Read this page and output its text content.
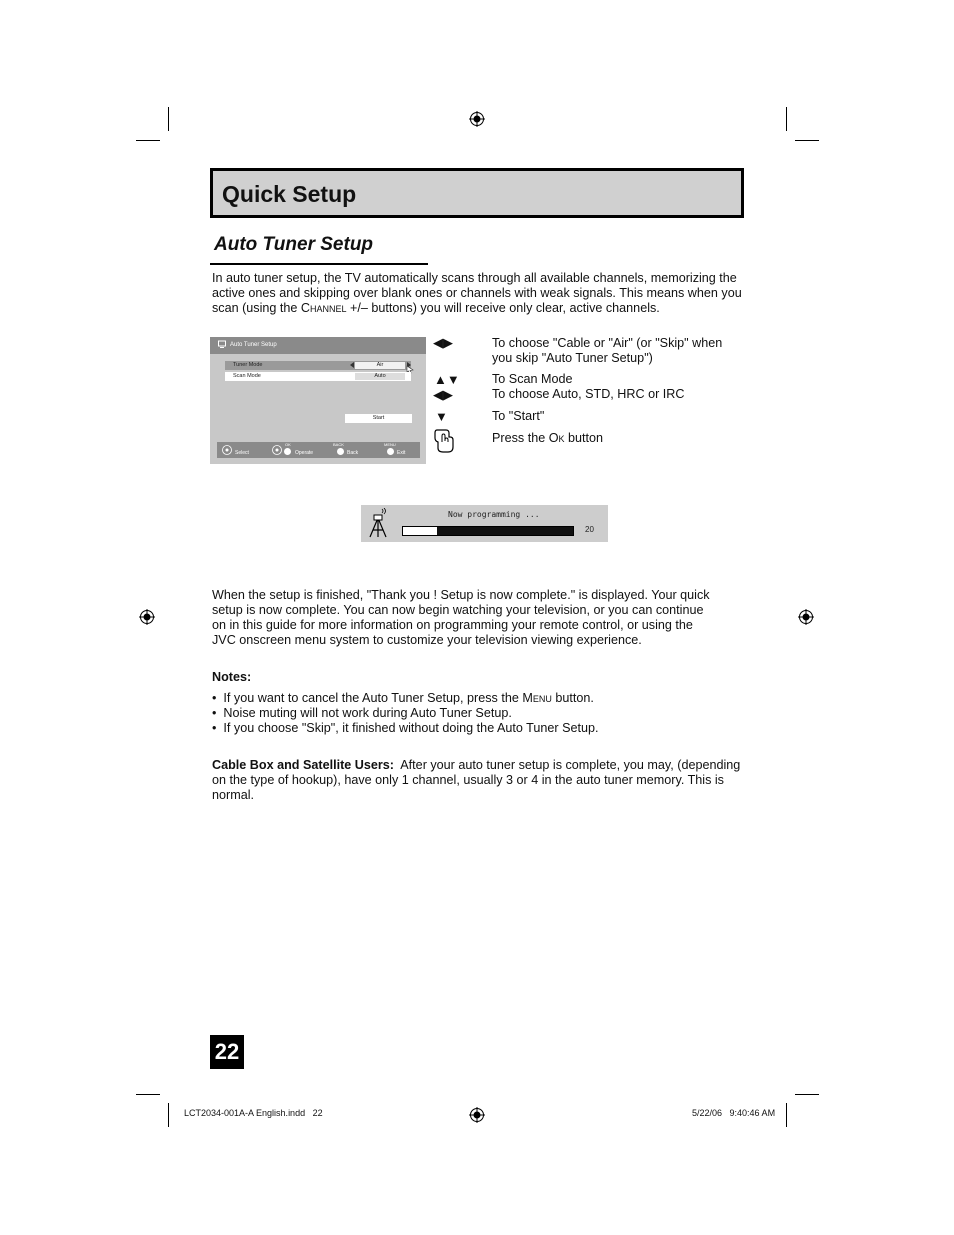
Quick Setup
Auto Tuner Setup
In auto tuner setup, the TV automatically scans through all available channels, memorizing the active ones and skipping over blank ones or channels with weak signals. This means when you scan (using the Channel +/– buttons) you will receive only clear, active channels.
Auto Tuner Setup
Tuner Mode	Air
Scan Mode	Auto
Start
Select
OK
Operate
BACK
Back
MENU
Exit
◀▶	To choose "Cable or "Air" (or "Skip" when
you skip "Auto Tuner Setup")
▲▼	To Scan Mode
◀▶	To choose Auto, STD, HRC or IRC
▼	To "Start"
Press the Ok button
Now programming ...
20
When the setup is finished, "Thank you ! Setup is now complete." is displayed. Your quick
setup is now complete. You can now begin watching your television, or you can continue
on in this guide for more information on programming your remote control, or using the
JVC onscreen menu system to customize your television viewing experience.
Notes:
•  If you want to cancel the Auto Tuner Setup, press the Menu button.
•  Noise muting will not work during Auto Tuner Setup.
•  If you choose "Skip", it finished without doing the Auto Tuner Setup.
Cable Box and Satellite Users:  After your auto tuner setup is complete, you may, (depending
on the type of hookup), have only 1 channel, usually 3 or 4 in the auto tuner memory. This is
normal.
22
LCT2034-001A-A English.indd   22	5/22/06   9:40:46 AM
